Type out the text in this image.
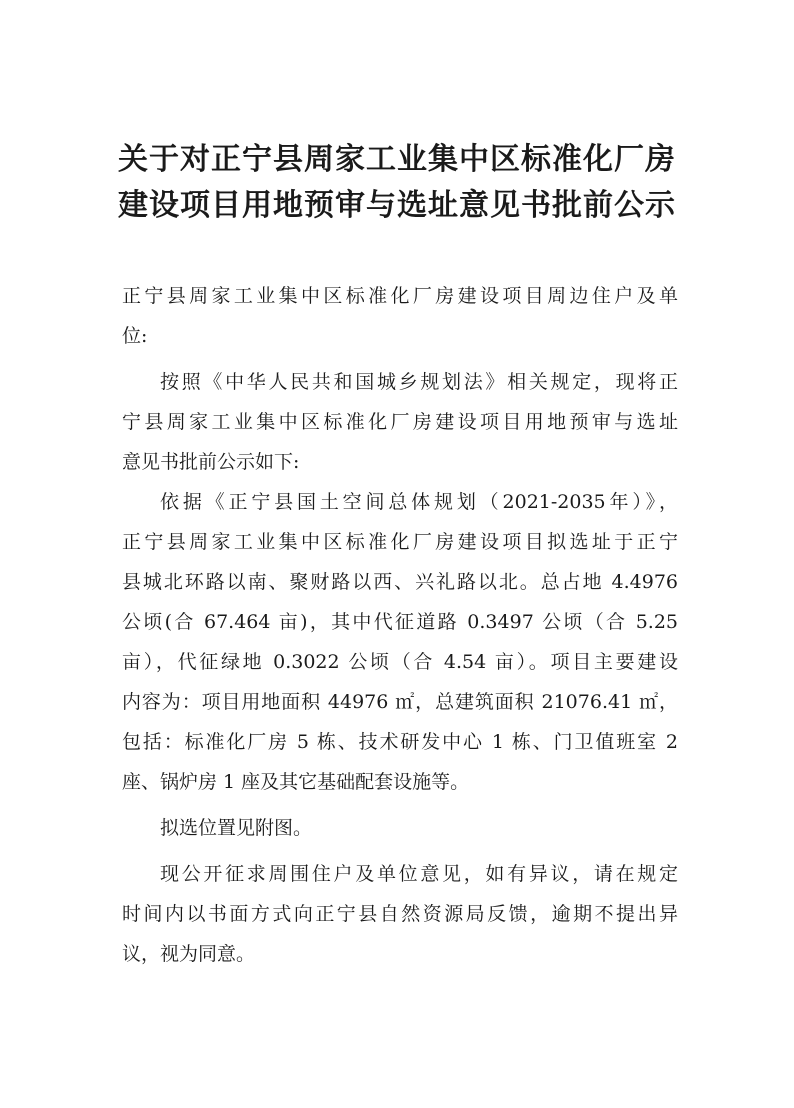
关于对正宁县周家工业集中区标准化厂房
建设项目用地预审与选址意见书批前公示
正宁县周家工业集中区标准化厂房建设项目周边住户及单
位:
按照《中华人民共和国城乡规划法》相关规定，现将正
宁县周家工业集中区标准化厂房建设项目用地预审与选址
意见书批前公示如下:
依据《正宁县国土空间总体规划（2021-2035年）》，
正宁县周家工业集中区标准化厂房建设项目拟选址于正宁
县城北环路以南、聚财路以西、兴礼路以北。总占地 4.4976
公顷(合 67.464 亩)，其中代征道路 0.3497 公顷（合 5.25
亩），代征绿地 0.3022 公顷（合 4.54 亩）。项目主要建设
内容为：项目用地面积 44976 ㎡，总建筑面积 21076.41 ㎡，
包括：标准化厂房 5 栋、技术研发中心 1 栋、门卫值班室 2
座、锅炉房 1 座及其它基础配套设施等。
拟选位置见附图。
现公开征求周围住户及单位意见，如有异议，请在规定
时间内以书面方式向正宁县自然资源局反馈，逾期不提出异
议，视为同意。
